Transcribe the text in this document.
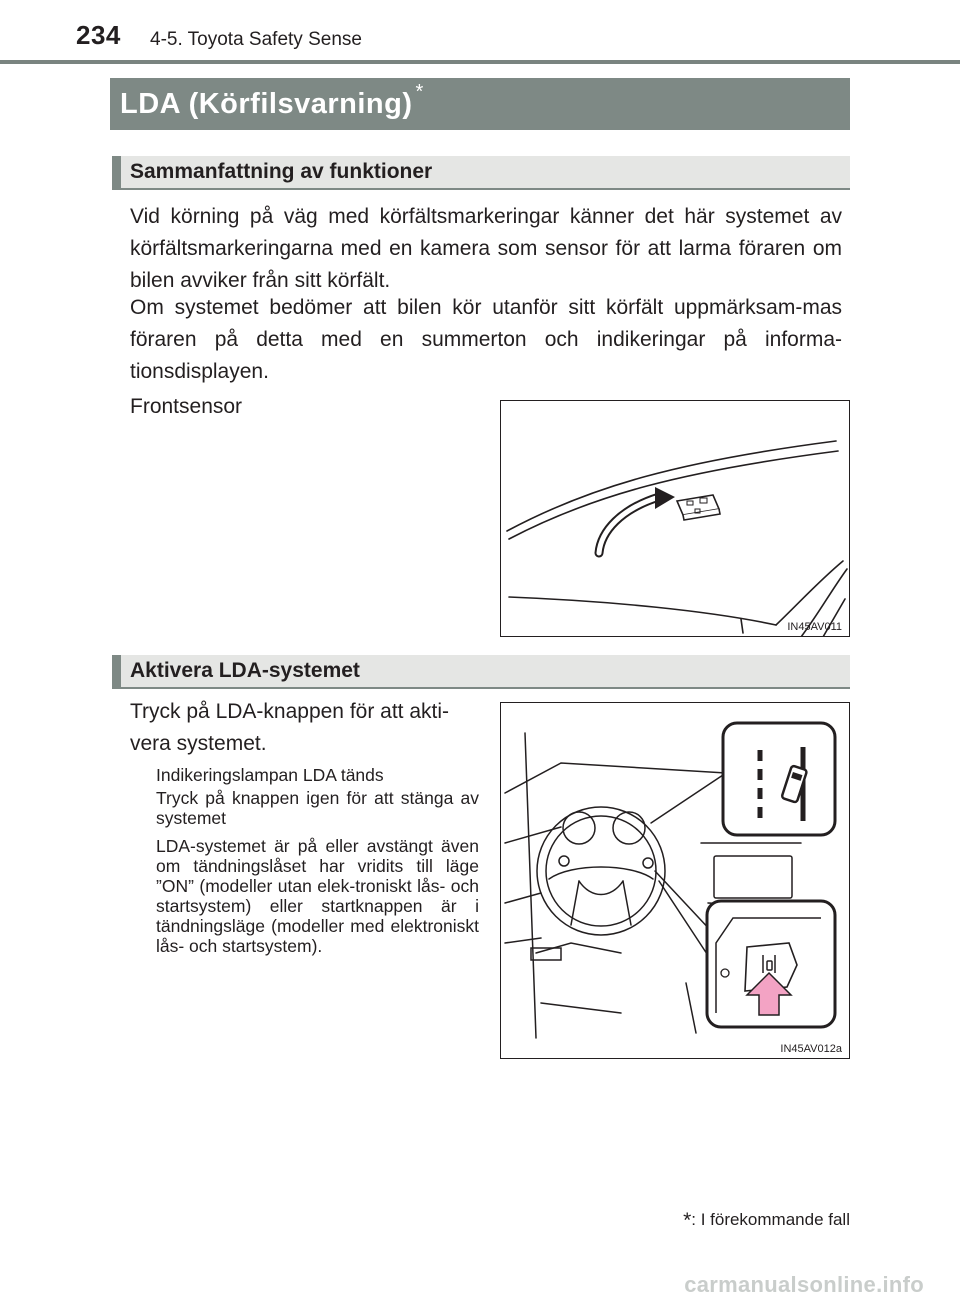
234 4-5. Toyota Safety Sense
LDA (Körfilsvarning) *
Sammanfattning av funktioner
Vid körning på väg med körfältsmarkeringar känner det här systemet av körfältsmarkeringarna med en kamera som sensor för att larma föraren om bilen avviker från sitt körfält.
Om systemet bedömer att bilen kör utanför sitt körfält uppmärksam-mas föraren på detta med en summerton och indikeringar på informa-tionsdisplayen.
Frontsensor
IN45AV011
Aktivera LDA-systemet
Tryck på LDA-knappen för att akti-vera systemet.
Indikeringslampan LDA tänds
Tryck på knappen igen för att stänga av systemet
LDA-systemet är på eller avstängt även om tändningslåset har vridits till läge ”ON” (modeller utan elek-troniskt lås- och startsystem) eller startknappen är i tändningsläge (modeller med elektroniskt lås- och startsystem).
IN45AV012a
*: I förekommande fall
carmanualsonline.info
